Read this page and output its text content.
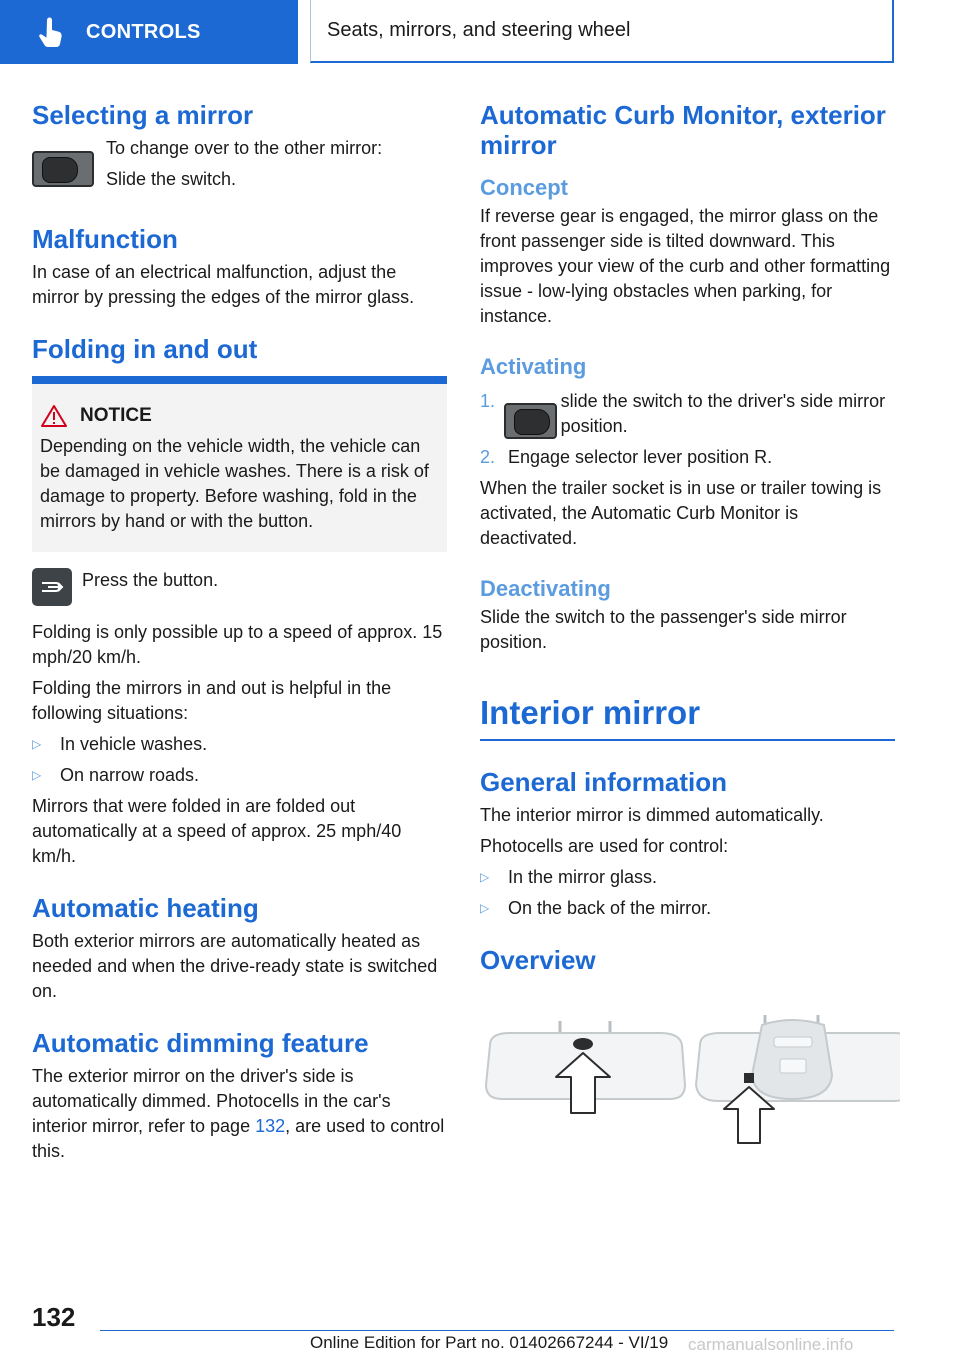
CONTROLS	Seats, mirrors, and steering wheel
Selecting a mirror

To change over to the other mirror:

Slide the switch.

Malfunction

In case of an electrical malfunction, adjust the mirror by pressing the edges of the mirror glass.

Folding in and out
NOTICE

Depending on the vehicle width, the vehicle can be damaged in vehicle washes. There is a risk of damage to property. Before washing, fold in the mirrors by hand or with the button.

Press the button.

Folding is only possible up to a speed of approx. 15 mph/20 km/h.

Folding the mirrors in and out is helpful in the following situations:

▷	In vehicle washes.
▷	On narrow roads.

Mirrors that were folded in are folded out automatically at a speed of approx. 25 mph/40 km/h.

Automatic heating

Both exterior mirrors are automatically heated as needed and when the drive-ready state is switched on.

Automatic dimming feature

The exterior mirror on the driver's side is automatically dimmed. Photocells in the car's interior mirror, refer to page 132, are used to control this.

Automatic Curb Monitor, exterior mirror
Concept

If reverse gear is engaged, the mirror glass on the front passenger side is tilted downward. This improves your view of the curb and other formatting issue - low-lying obstacles when parking, for instance.

Activating
1.	slide the switch to the driver's side mirror position.
2. Engage selector lever position R.

When the trailer socket is in use or trailer towing is activated, the Automatic Curb Monitor is deactivated.

Deactivating

Slide the switch to the passenger's side mirror position.

Interior mirror
General information

The interior mirror is dimmed automatically.

Photocells are used for control:

▷	In the mirror glass.
▷	On the back of the mirror.
Overview
132
Online Edition for Part no. 01402667244 - VI/19 carmanualsonline.info
